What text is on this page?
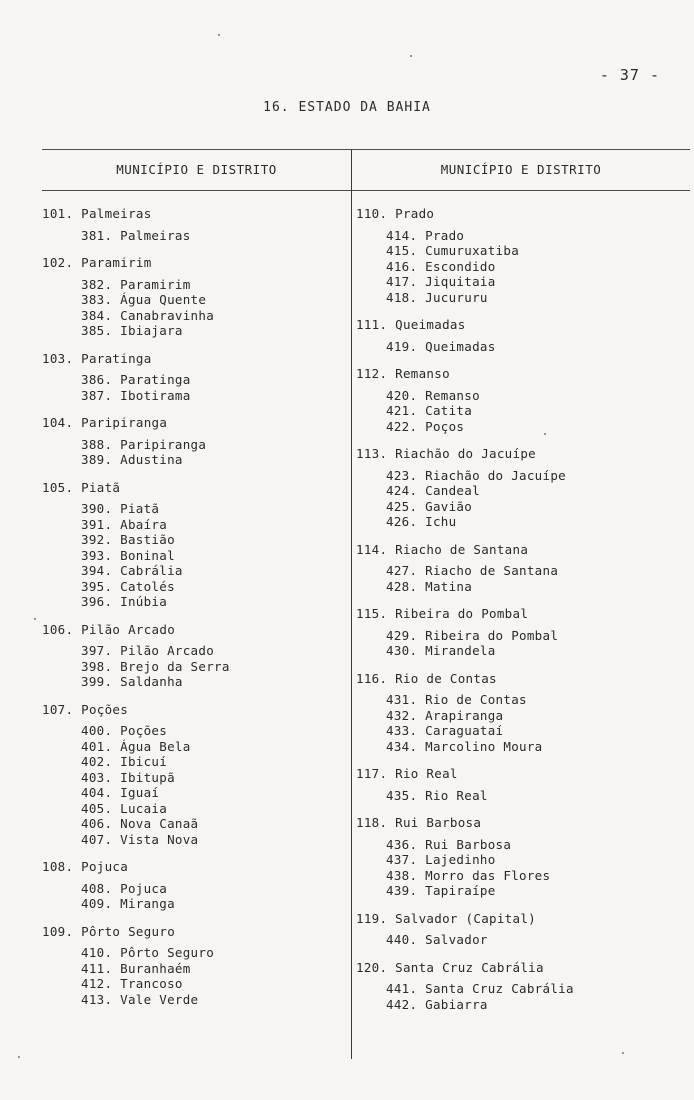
- 37 -
16. ESTADO DA BAHIA
MUNICÍPIO E DISTRITO	MUNICÍPIO E DISTRITO
101. Palmeiras
381. Palmeiras
102. Paramirim
382. Paramirim
383. Água Quente
384. Canabravinha
385. Ibiajara
103. Paratinga
386. Paratinga
387. Ibotirama
104. Paripiranga
388. Paripiranga
389. Adustina
105. Piatã
390. Piatã
391. Abaíra
392. Bastião
393. Boninal
394. Cabrália
395. Catolés
396. Inúbia
106. Pilão Arcado
397. Pilão Arcado
398. Brejo da Serra
399. Saldanha
107. Poções
400. Poções
401. Água Bela
402. Ibicuí
403. Ibitupã
404. Iguaí
405. Lucaia
406. Nova Canaã
407. Vista Nova
108. Pojuca
408. Pojuca
409. Miranga
109. Pôrto Seguro
410. Pôrto Seguro
411. Buranhaém
412. Trancoso
413. Vale Verde
110. Prado
414. Prado
415. Cumuruxatiba
416. Escondido
417. Jiquitaia
418. Jucururu
111. Queimadas
419. Queimadas
112. Remanso
420. Remanso
421. Catita
422. Poços
113. Riachão do Jacuípe
423. Riachão do Jacuípe
424. Candeal
425. Gavião
426. Ichu
114. Riacho de Santana
427. Riacho de Santana
428. Matina
115. Ribeira do Pombal
429. Ribeira do Pombal
430. Mirandela
116. Rio de Contas
431. Rio de Contas
432. Arapiranga
433. Caraguataí
434. Marcolino Moura
117. Rio Real
435. Rio Real
118. Rui Barbosa
436. Rui Barbosa
437. Lajedinho
438. Morro das Flores
439. Tapiraípe
119. Salvador (Capital)
440. Salvador
120. Santa Cruz Cabrália
441. Santa Cruz Cabrália
442. Gabiarra
